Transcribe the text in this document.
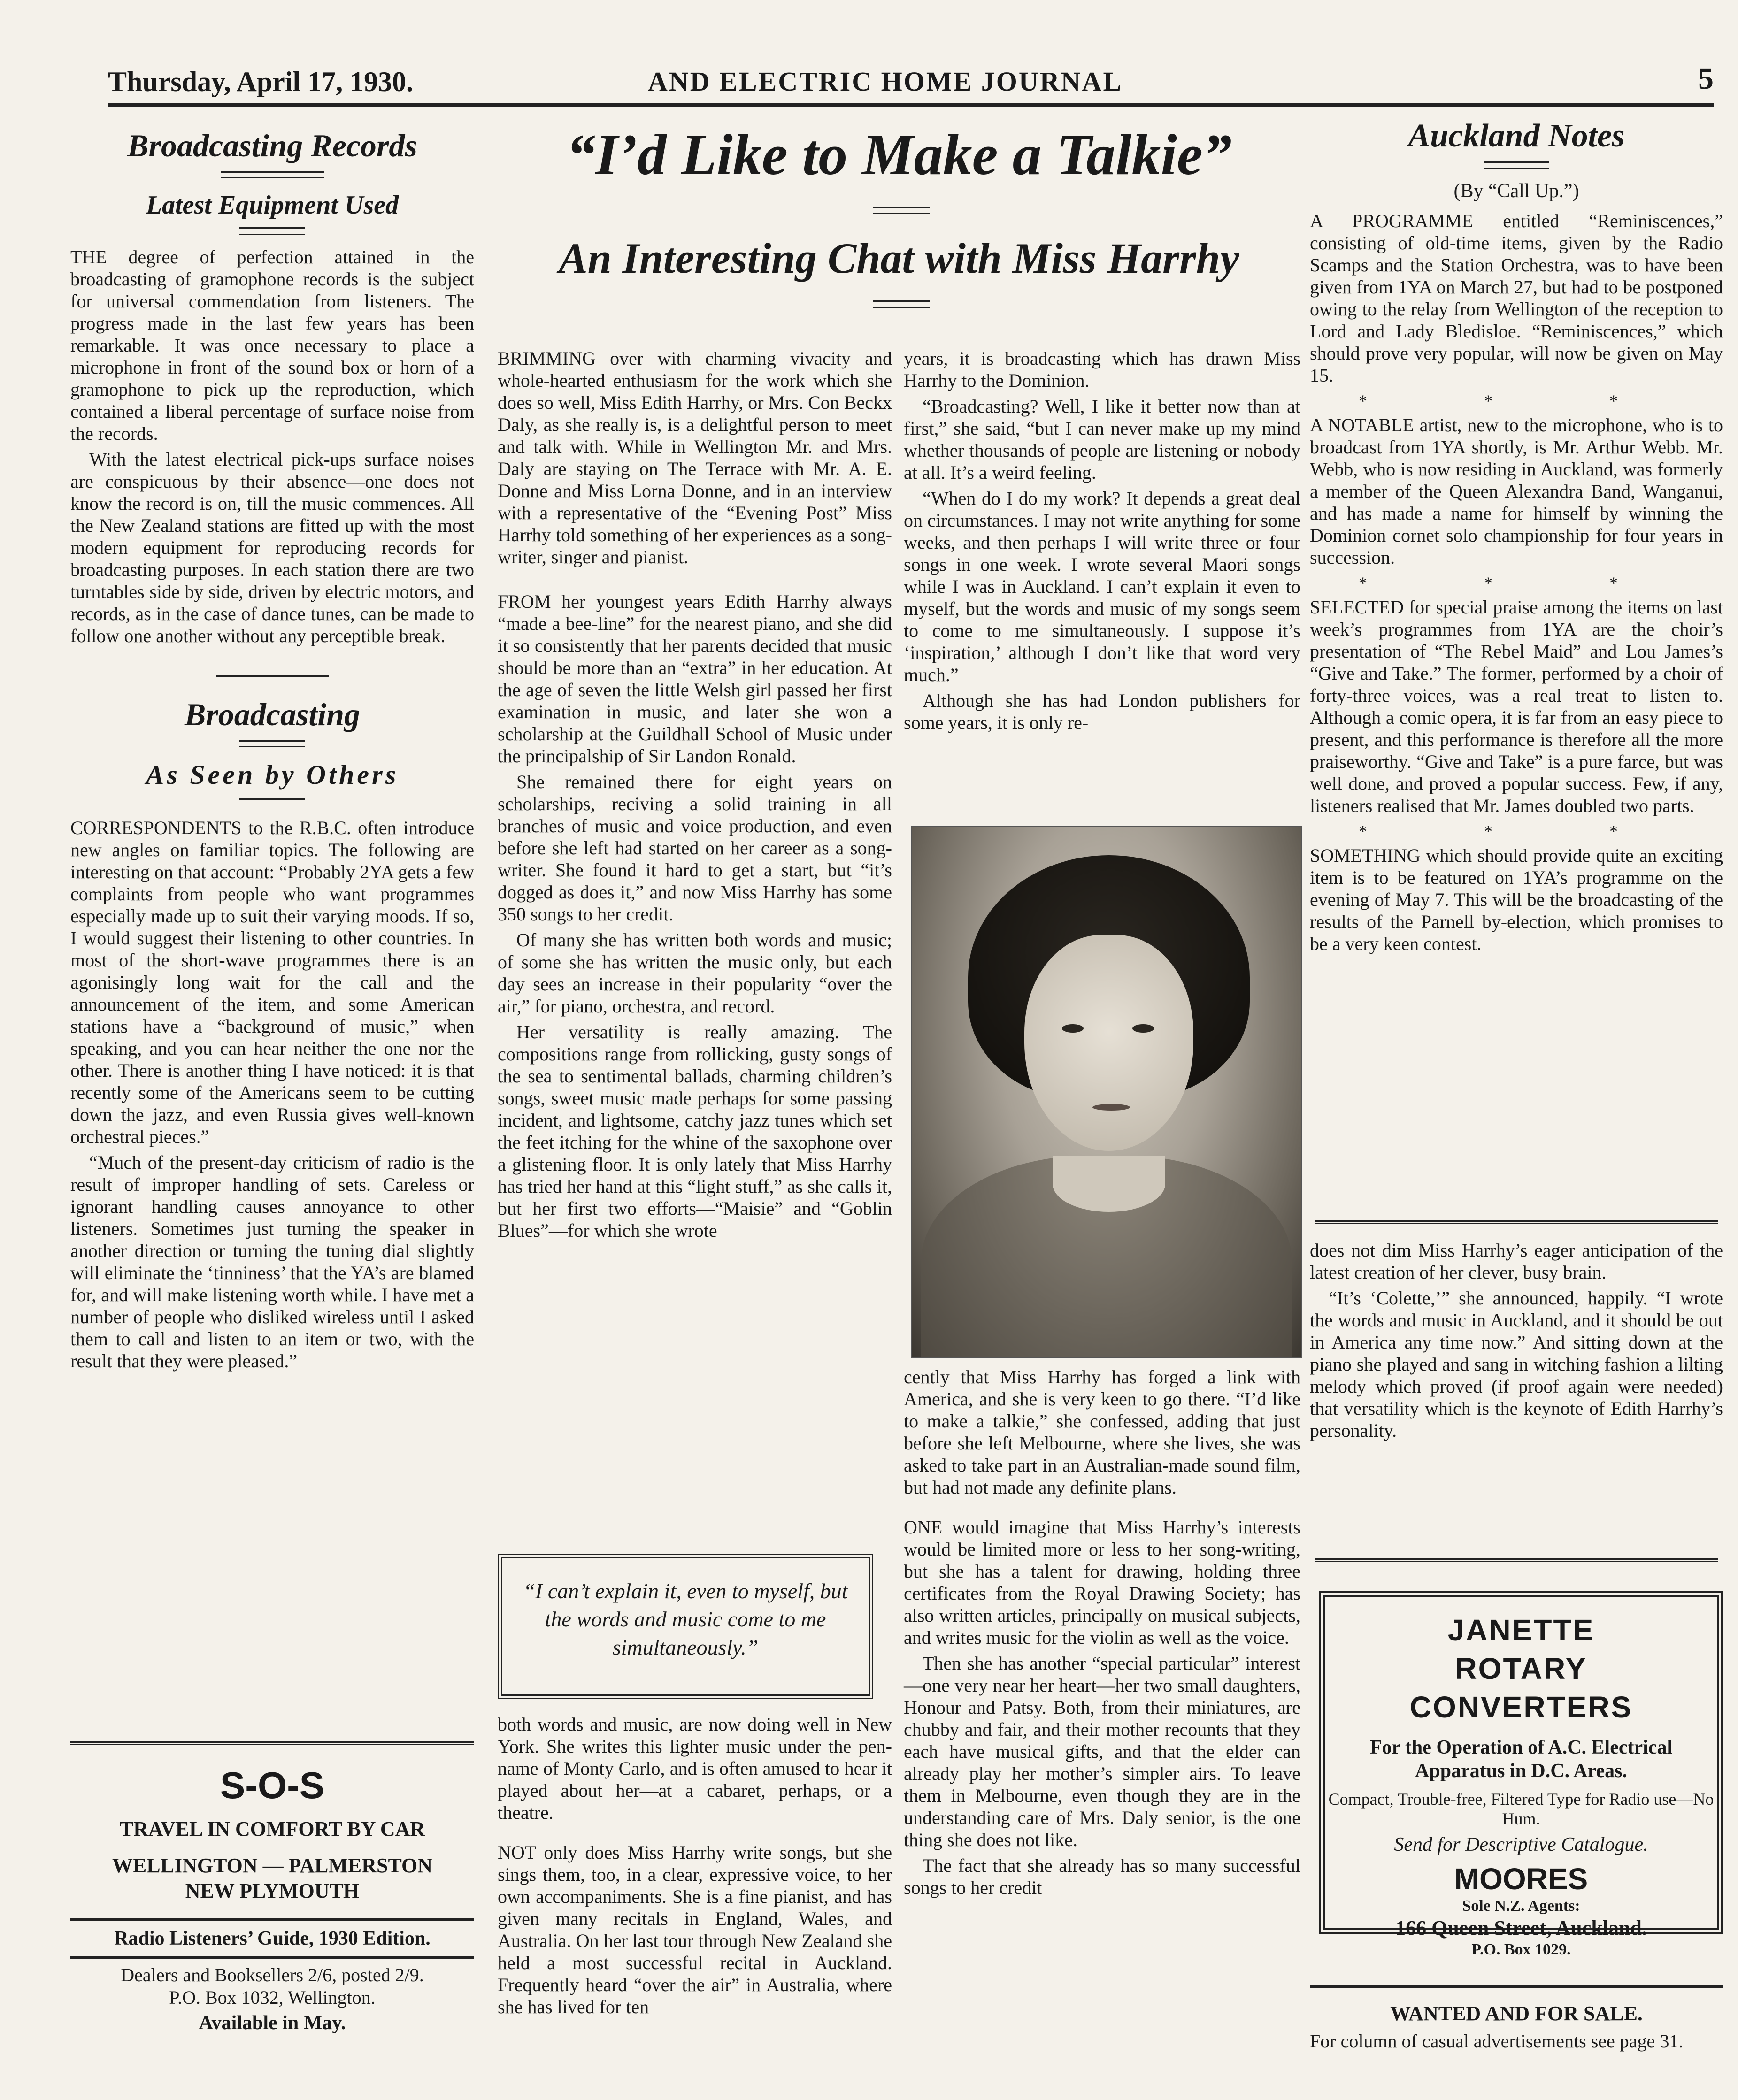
Thursday, April 17, 1930.	AND ELECTRIC HOME JOURNAL	5
Broadcasting Records
Latest Equipment Used

THE degree of perfection attained in the broadcasting of gramophone records is the subject for universal commendation from listeners. The progress made in the last few years has been remarkable. It was once necessary to place a microphone in front of the sound box or horn of a gramophone to pick up the reproduction, which contained a liberal percentage of surface noise from the records.

With the latest electrical pick-ups surface noises are conspicuous by their absence—one does not know the record is on, till the music commences. All the New Zealand stations are fitted up with the most modern equipment for reproducing records for broadcasting purposes. In each station there are two turntables side by side, driven by electric motors, and records, as in the case of dance tunes, can be made to follow one another without any perceptible break.

Broadcasting
As Seen by Others

CORRESPONDENTS to the R.B.C. often introduce new angles on familiar topics. The following are interesting on that account: “Probably 2YA gets a few complaints from people who want programmes especially made up to suit their varying moods. If so, I would suggest their listening to other countries. In most of the short-wave programmes there is an agonisingly long wait for the call and the announcement of the item, and some American stations have a “background of music,” when speaking, and you can hear neither the one nor the other. There is another thing I have noticed: it is that recently some of the Americans seem to be cutting down the jazz, and even Russia gives well-known orchestral pieces.”

“Much of the present-day criticism of radio is the result of improper handling of sets. Careless or ignorant handling causes annoyance to other listeners. Sometimes just turning the speaker in another direction or turning the tuning dial slightly will eliminate the ‘tinniness’ that the YA’s are blamed for, and will make listening worth while. I have met a number of people who disliked wireless until I asked them to call and listen to an item or two, with the result that they were pleased.”

S-O-S

TRAVEL IN COMFORT BY CAR

WELLINGTON — PALMERSTON

NEW PLYMOUTH

Radio Listeners’ Guide, 1930 Edition.

Dealers and Booksellers 2/6, posted 2/9.

P.O. Box 1032, Wellington.

Available in May.

“I’d Like to Make a Talkie”
An Interesting Chat with Miss Harrhy

BRIMMING over with charming vivacity and whole-hearted enthusiasm for the work which she does so well, Miss Edith Harrhy, or Mrs. Con Beckx Daly, as she really is, is a delightful person to meet and talk with. While in Wellington Mr. and Mrs. Daly are staying on The Terrace with Mr. A. E. Donne and Miss Lorna Donne, and in an interview with a representative of the “Evening Post” Miss Harrhy told something of her experiences as a song-writer, singer and pianist.

FROM her youngest years Edith Harrhy always “made a bee-line” for the nearest piano, and she did it so consistently that her parents decided that music should be more than an “extra” in her education. At the age of seven the little Welsh girl passed her first examination in music, and later she won a scholarship at the Guildhall School of Music under the principalship of Sir Landon Ronald.

She remained there for eight years on scholarships, reciving a solid training in all branches of music and voice production, and even before she left had started on her career as a song-writer. She found it hard to get a start, but “it’s dogged as does it,” and now Miss Harrhy has some 350 songs to her credit.

Of many she has written both words and music; of some she has written the music only, but each day sees an increase in their popularity “over the air,” for piano, orchestra, and record.

Her versatility is really amazing. The compositions range from rollicking, gusty songs of the sea to sentimental ballads, charming children’s songs, sweet music made perhaps for some passing incident, and lightsome, catchy jazz tunes which set the feet itching for the whine of the saxophone over a glistening floor. It is only lately that Miss Harrhy has tried her hand at this “light stuff,” as she calls it, but her first two efforts—“Maisie” and “Goblin Blues”—for which she wrote

“I can’t explain it, even to myself, but the words and music come to me simultaneously.”

both words and music, are now doing well in New York. She writes this lighter music under the pen-name of Monty Carlo, and is often amused to hear it played about her—at a cabaret, perhaps, or a theatre.

NOT only does Miss Harrhy write songs, but she sings them, too, in a clear, expressive voice, to her own accompaniments. She is a fine pianist, and has given many recitals in England, Wales, and Australia. On her last tour through New Zealand she held a most successful recital in Auckland. Frequently heard “over the air” in Australia, where she has lived for ten

years, it is broadcasting which has drawn Miss Harrhy to the Dominion.

“Broadcasting? Well, I like it better now than at first,” she said, “but I can never make up my mind whether thousands of people are listening or nobody at all. It’s a weird feeling.

“When do I do my work? It depends a great deal on circumstances. I may not write anything for some weeks, and then perhaps I will write three or four songs in one week. I wrote several Maori songs while I was in Auckland. I can’t explain it even to myself, but the words and music of my songs seem to come to me simultaneously. I suppose it’s ‘inspiration,’ although I don’t like that word very much.”

Although she has had London publishers for some years, it is only re-

cently that Miss Harrhy has forged a link with America, and she is very keen to go there. “I’d like to make a talkie,” she confessed, adding that just before she left Melbourne, where she lives, she was asked to take part in an Australian-made sound film, but had not made any definite plans.

ONE would imagine that Miss Harrhy’s interests would be limited more or less to her song-writing, but she has a talent for drawing, holding three certificates from the Royal Drawing Society; has also written articles, principally on musical subjects, and writes music for the violin as well as the voice.

Then she has another “special particular” interest—one very near her heart—her two small daughters, Honour and Patsy. Both, from their miniatures, are chubby and fair, and their mother recounts that they each have musical gifts, and that the elder can already play her mother’s simpler airs. To leave them in Melbourne, even though they are in the understanding care of Mrs. Daly senior, is the one thing she does not like.

The fact that she already has so many successful songs to her credit

Auckland Notes

(By “Call Up.”)

A PROGRAMME entitled “Reminiscences,” consisting of old-time items, given by the Radio Scamps and the Station Orchestra, was to have been given from 1YA on March 27, but had to be postponed owing to the relay from Wellington of the reception to Lord and Lady Bledisloe. “Reminiscences,” which should prove very popular, will now be given on May 15.

* * *

A NOTABLE artist, new to the microphone, who is to broadcast from 1YA shortly, is Mr. Arthur Webb. Mr. Webb, who is now residing in Auckland, was formerly a member of the Queen Alexandra Band, Wanganui, and has made a name for himself by winning the Dominion cornet solo championship for four years in succession.

* * *

SELECTED for special praise among the items on last week’s programmes from 1YA are the choir’s presentation of “The Rebel Maid” and Lou James’s “Give and Take.” The former, performed by a choir of forty-three voices, was a real treat to listen to. Although a comic opera, it is far from an easy piece to present, and this performance is therefore all the more praiseworthy. “Give and Take” is a pure farce, but was well done, and proved a popular success. Few, if any, listeners realised that Mr. James doubled two parts.

* * *

SOMETHING which should provide quite an exciting item is to be featured on 1YA’s programme on the evening of May 7. This will be the broadcasting of the results of the Parnell by-election, which promises to be a very keen contest.

does not dim Miss Harrhy’s eager anticipation of the latest creation of her clever, busy brain.

“It’s ‘Colette,’” she announced, happily. “I wrote the words and music in Auckland, and it should be out in America any time now.” And sitting down at the piano she played and sang in witching fashion a lilting melody which proved (if proof again were needed) that versatility which is the keynote of Edith Harrhy’s personality.

JANETTE

ROTARY

CONVERTERS

For the Operation of A.C. Electrical Apparatus in D.C. Areas.

Compact, Trouble-free, Filtered Type for Radio use—No Hum.

Send for Descriptive Catalogue.

MOORES

Sole N.Z. Agents:

166 Queen Street, Auckland.

P.O. Box 1029.

WANTED AND FOR SALE.

For column of casual advertisements see page 31.
